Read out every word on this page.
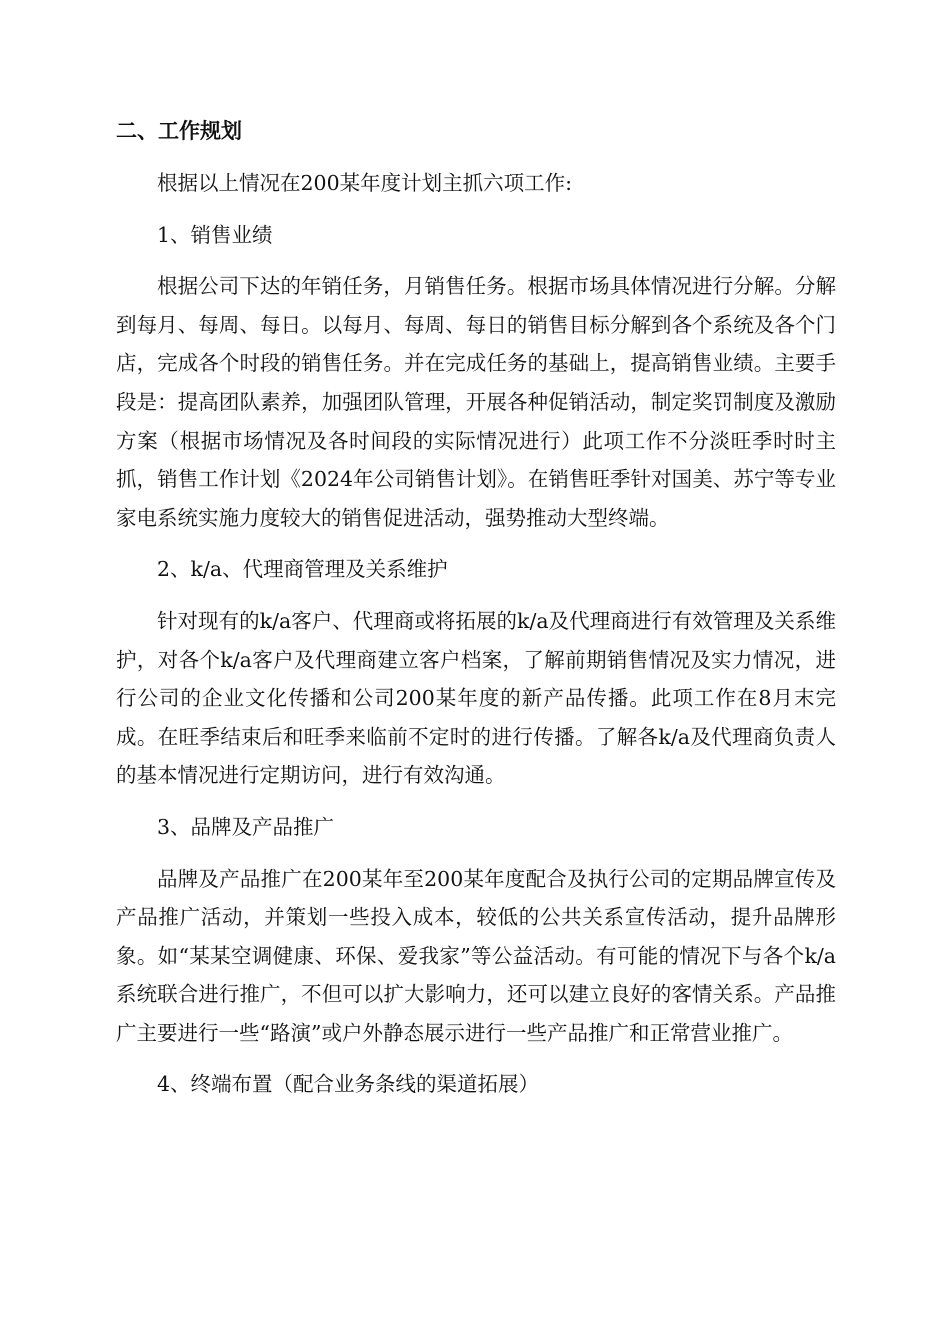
二、工作规划

根据以上情况在200某年度计划主抓六项工作:

1、销售业绩

根据公司下达的年销任务，月销售任务。根据市场具体情况进行分解。分解到每月、每周、每日。以每月、每周、每日的销售目标分解到各个系统及各个门店，完成各个时段的销售任务。并在完成任务的基础上，提高销售业绩。主要手段是：提高团队素养，加强团队管理，开展各种促销活动，制定奖罚制度及激励方案（根据市场情况及各时间段的实际情况进行）此项工作不分淡旺季时时主抓，销售工作计划《2024年公司销售计划》。在销售旺季针对国美、苏宁等专业家电系统实施力度较大的销售促进活动，强势推动大型终端。

2、k/a、代理商管理及关系维护

针对现有的k/a客户、代理商或将拓展的k/a及代理商进行有效管理及关系维护，对各个k/a客户及代理商建立客户档案，了解前期销售情况及实力情况，进行公司的企业文化传播和公司200某年度的新产品传播。此项工作在8月末完成。在旺季结束后和旺季来临前不定时的进行传播。了解各k/a及代理商负责人的基本情况进行定期访问，进行有效沟通。

3、品牌及产品推广

品牌及产品推广在200某年至200某年度配合及执行公司的定期品牌宣传及产品推广活动，并策划一些投入成本，较低的公共关系宣传活动，提升品牌形象。如“某某空调健康、环保、爱我家”等公益活动。有可能的情况下与各个k/a系统联合进行推广，不但可以扩大影响力，还可以建立良好的客情关系。产品推广主要进行一些“路演”或户外静态展示进行一些产品推广和正常营业推广。

4、终端布置（配合业务条线的渠道拓展）
